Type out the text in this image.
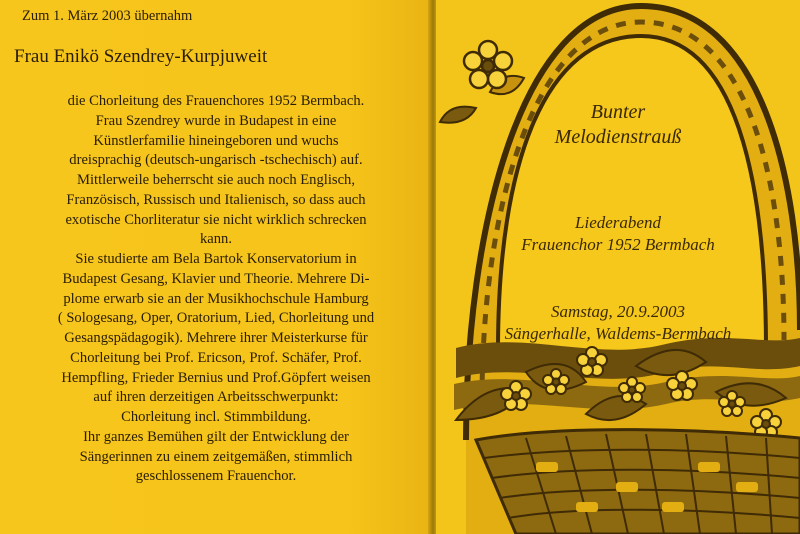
Zum 1. März 2003 übernahm
Frau Enikö Szendrey-Kurpjuweit
die Chorleitung des Frauenchores 1952 Bermbach.
Frau Szendrey wurde in Budapest in eine
Künstlerfamilie hineingeboren und wuchs
dreisprachig (deutsch-ungarisch -tschechisch) auf.
Mittlerweile beherrscht sie auch noch Englisch,
Französisch, Russisch und Italienisch, so dass auch
exotische Chorliteratur sie nicht wirklich schrecken
kann.
Sie studierte am Bela Bartok Konservatorium in
Budapest Gesang, Klavier und Theorie. Mehrere Di-
plome erwarb sie an der Musikhochschule Hamburg
( Sologesang, Oper, Oratorium, Lied, Chorleitung und
Gesangspädagogik). Mehrere ihrer Meisterkurse für
Chorleitung bei Prof. Ericson, Prof. Schäfer, Prof.
Hempfling, Frieder Bernius und Prof.Göpfert weisen
auf ihren derzeitigen Arbeitsschwerpunkt:
Chorleitung incl. Stimmbildung.
Ihr ganzes Bemühen gilt der Entwicklung der
Sängerinnen zu einem zeitgemäßen, stimmlich
geschlossenem Frauenchor.
Bunter
Melodienstrauß
Liederabend
Frauenchor 1952 Bermbach
Samstag, 20.9.2003
Sängerhalle, Waldems-Bermbach
